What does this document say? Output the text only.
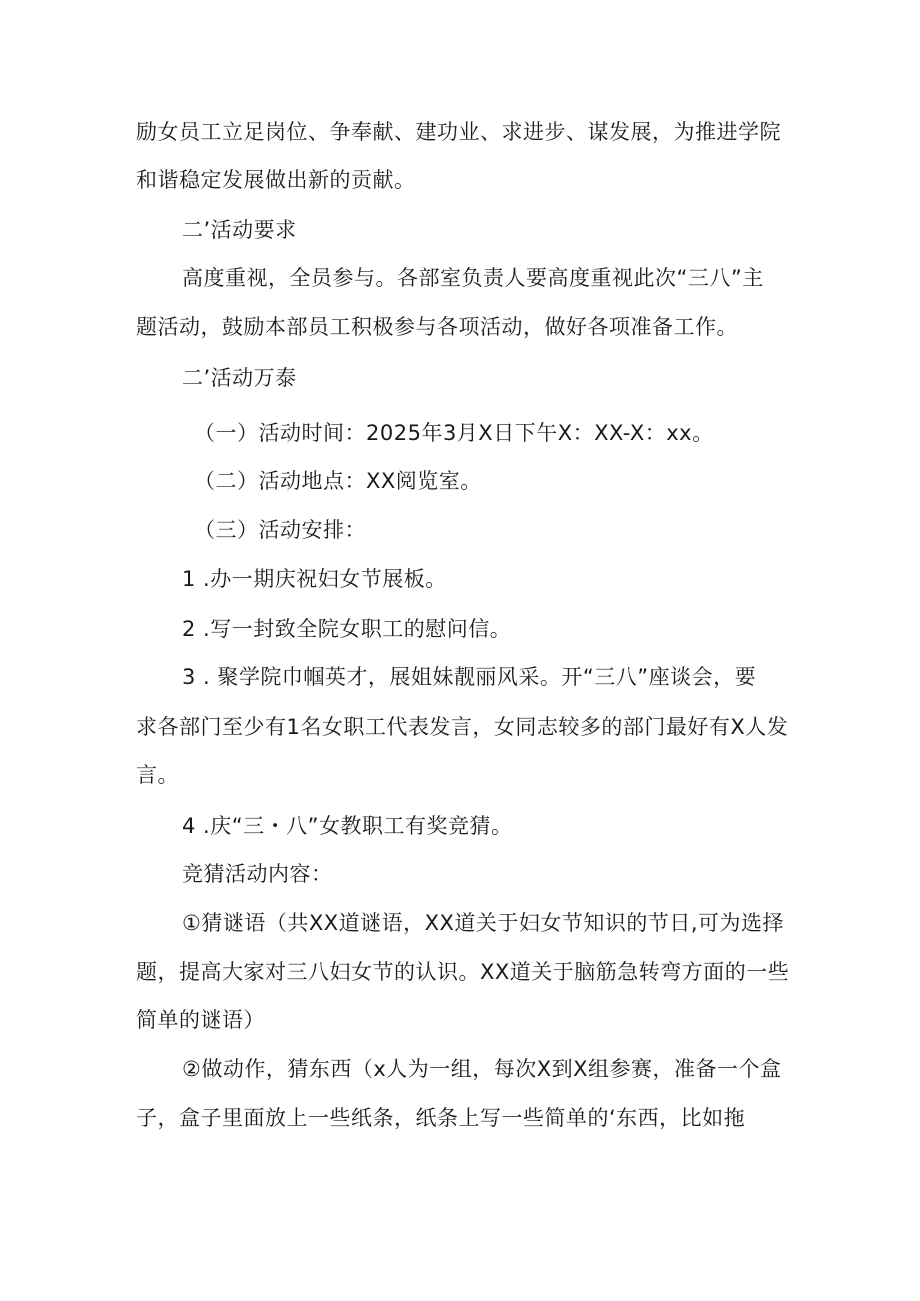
励女员工立足岗位、争奉献、建功业、求进步、谋发展，为推进学院
和谐稳定发展做出新的贡献。
二’活动要求
高度重视，全员参与。各部室负责人要高度重视此次“三八”主
题活动，鼓励本部员工积极参与各项活动，做好各项准备工作。
二’活动万泰
（一）活动时间：2025年3月X日下午X：XX-X：xx。
（二）活动地点：XX阅览室。
（三）活动安排：
1 .办一期庆祝妇女节展板。
2 .写一封致全院女职工的慰问信。
3 . 聚学院巾帼英才，展姐妹靓丽风采。开“三八”座谈会，要
求各部门至少有1名女职工代表发言，女同志较多的部门最好有X人发
言。
4 .庆“三・八”女教职工有奖竞猜。
竞猜活动内容：
①猜谜语（共XX道谜语，XX道关于妇女节知识的节日,可为选择
题，提高大家对三八妇女节的认识。XX道关于脑筋急转弯方面的一些
简单的谜语）
②做动作，猜东西（x人为一组，每次X到X组参赛，准备一个盒
子，盒子里面放上一些纸条，纸条上写一些简单的‘东西，比如拖
